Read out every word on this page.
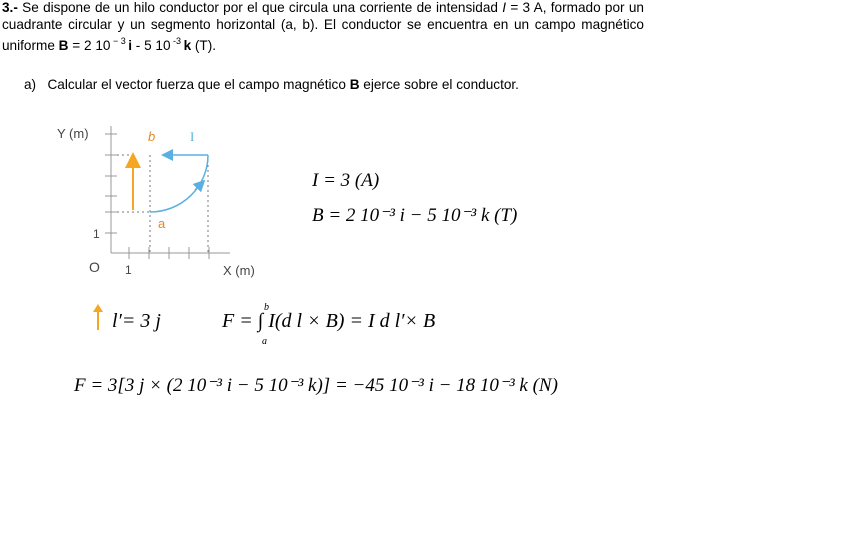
3.- Se dispone de un hilo conductor por el que circula una corriente de intensidad I = 3 A, formado por un cuadrante circular y un segmento horizontal (a, b). El conductor se encuentra en un campo magnético uniforme B = 2 10 $^{- 3}$ i - 5 10 $^{-3}$ k (T).
a) Calcular el vector fuerza que el campo magnético B ejerce sobre el conductor.
Y (m)
X (m)
O 1
1
a
b	I
I = 3 (A)
B = 2 10⁻³ i − 5 10⁻³ k (T)
l′= 3 j	F = ∫ I(d l × B) = I d l′× B
b
a
F = 3[3 j × (2 10⁻³ i − 5 10⁻³ k)] = −45 10⁻³ i − 18 10⁻³ k (N)
